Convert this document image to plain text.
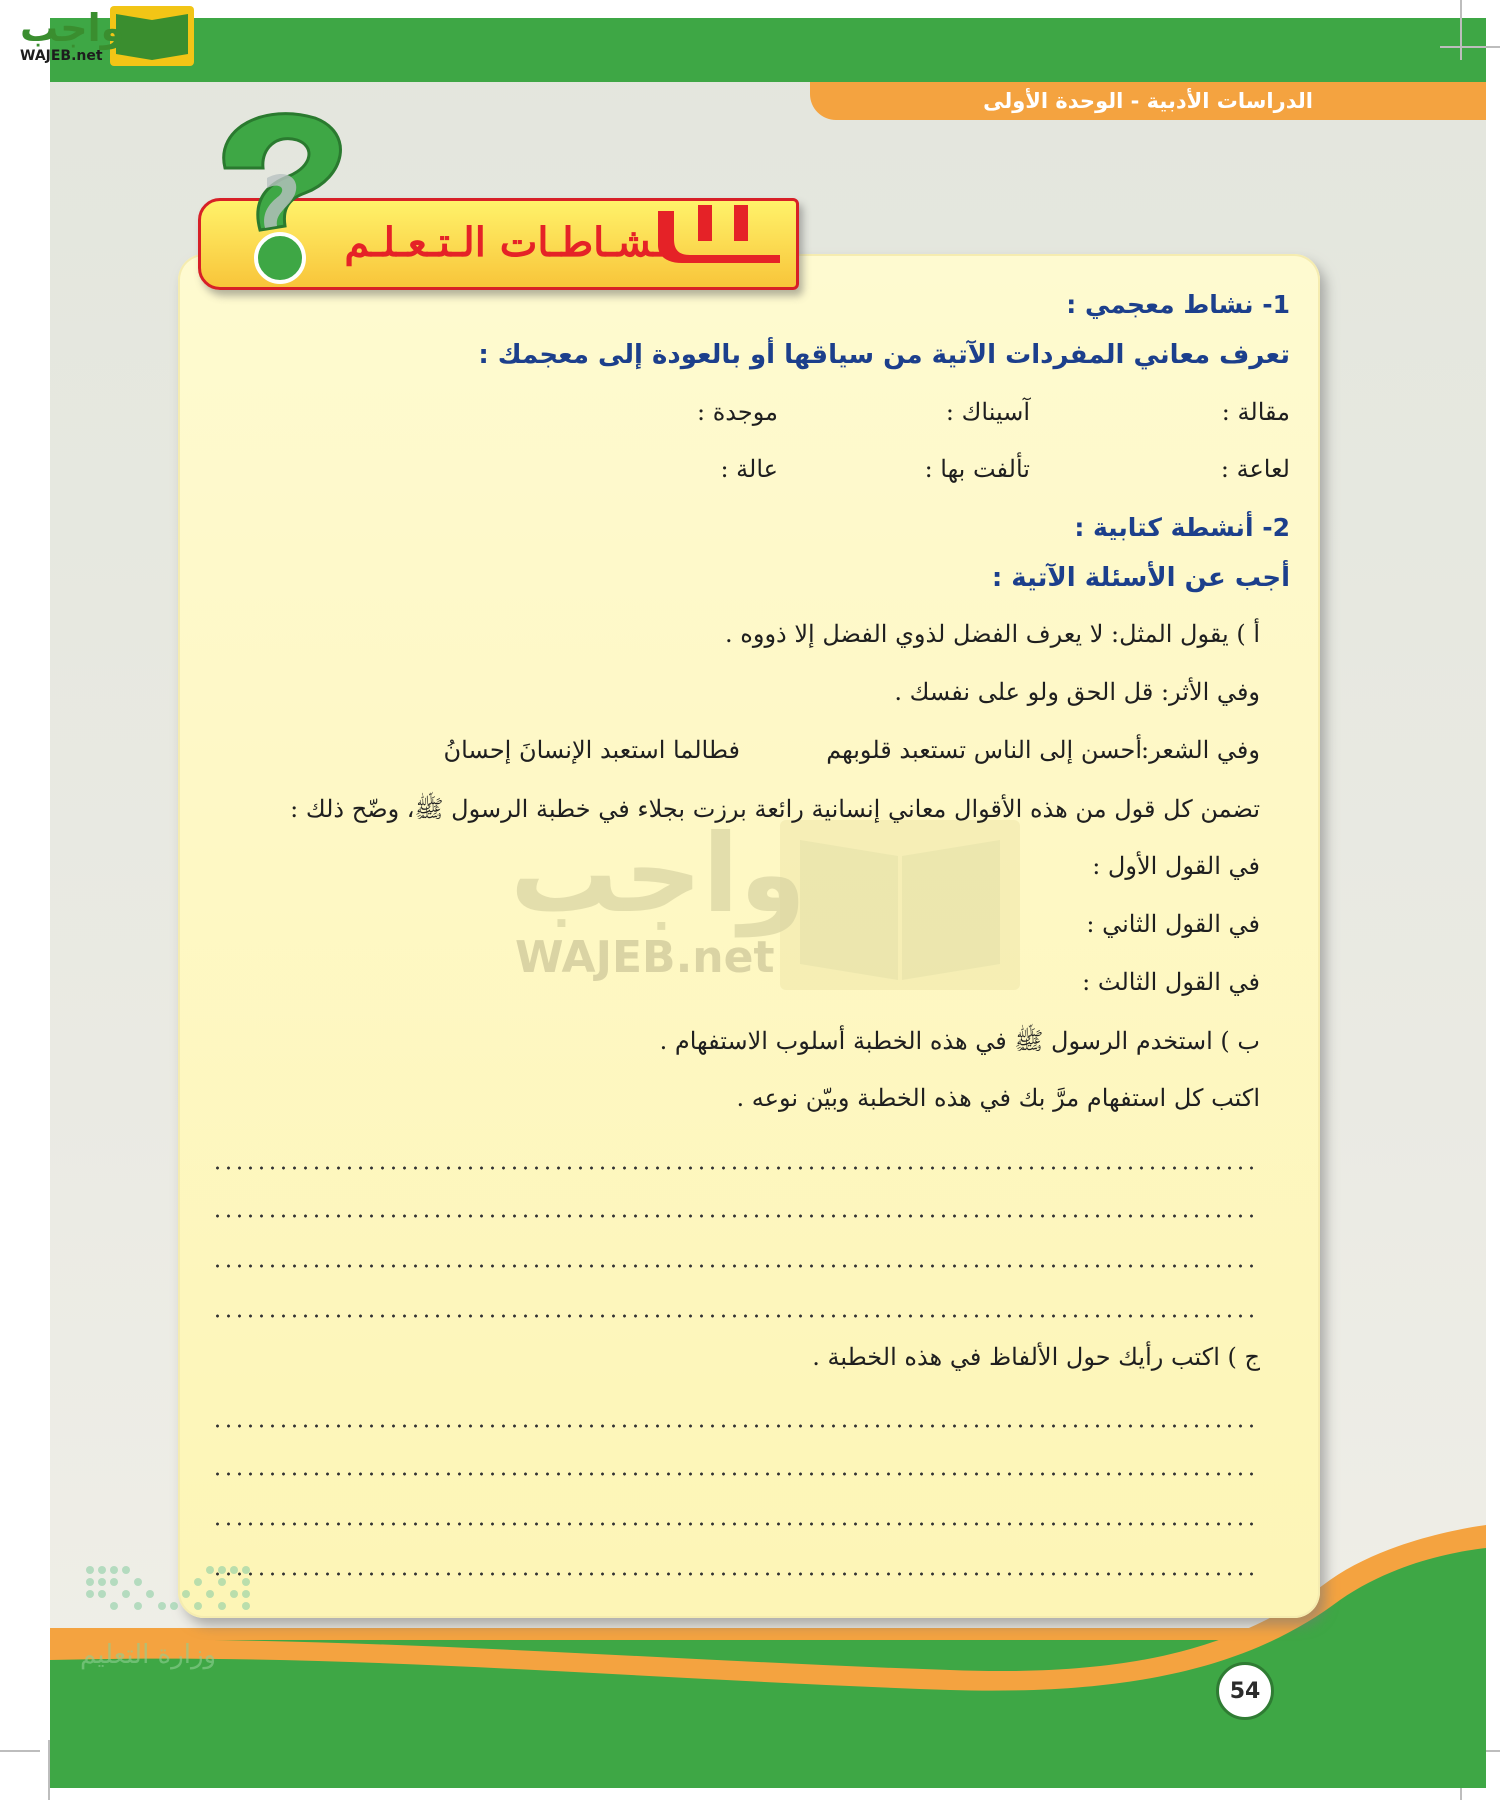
الدراسات الأدبية - الوحدة الأولى
نـشـاطـات الـتـعـلـم
واجب
WAJEB.net
واجب
WAJEB.net
1- نشاط معجمي :
تعرف معاني المفردات الآتية من سياقها أو بالعودة إلى معجمك :
مقالة :
آسيناك :
موجدة :
لعاعة :
تألفت بها :
عالة :
2- أنشطة كتابية :
أجب عن الأسئلة الآتية :
أ ) يقول المثل: لا يعرف الفضل لذوي الفضل إلا ذووه .
وفي الأثر: قل الحق ولو على نفسك .
وفي الشعر:
أحسن إلى الناس تستعبد قلوبهم
فطالما استعبد الإنسانَ إحسانُ
تضمن كل قول من هذه الأقوال معاني إنسانية رائعة برزت بجلاء في خطبة الرسول ﷺ، وضّح ذلك :
في القول الأول :
في القول الثاني :
في القول الثالث :
ب ) استخدم الرسول ﷺ في هذه الخطبة أسلوب الاستفهام .
اكتب كل استفهام مرَّ بك في هذه الخطبة وبيّن نوعه .
ج ) اكتب رأيك حول الألفاظ في هذه الخطبة .
وزارة التعليم
54
